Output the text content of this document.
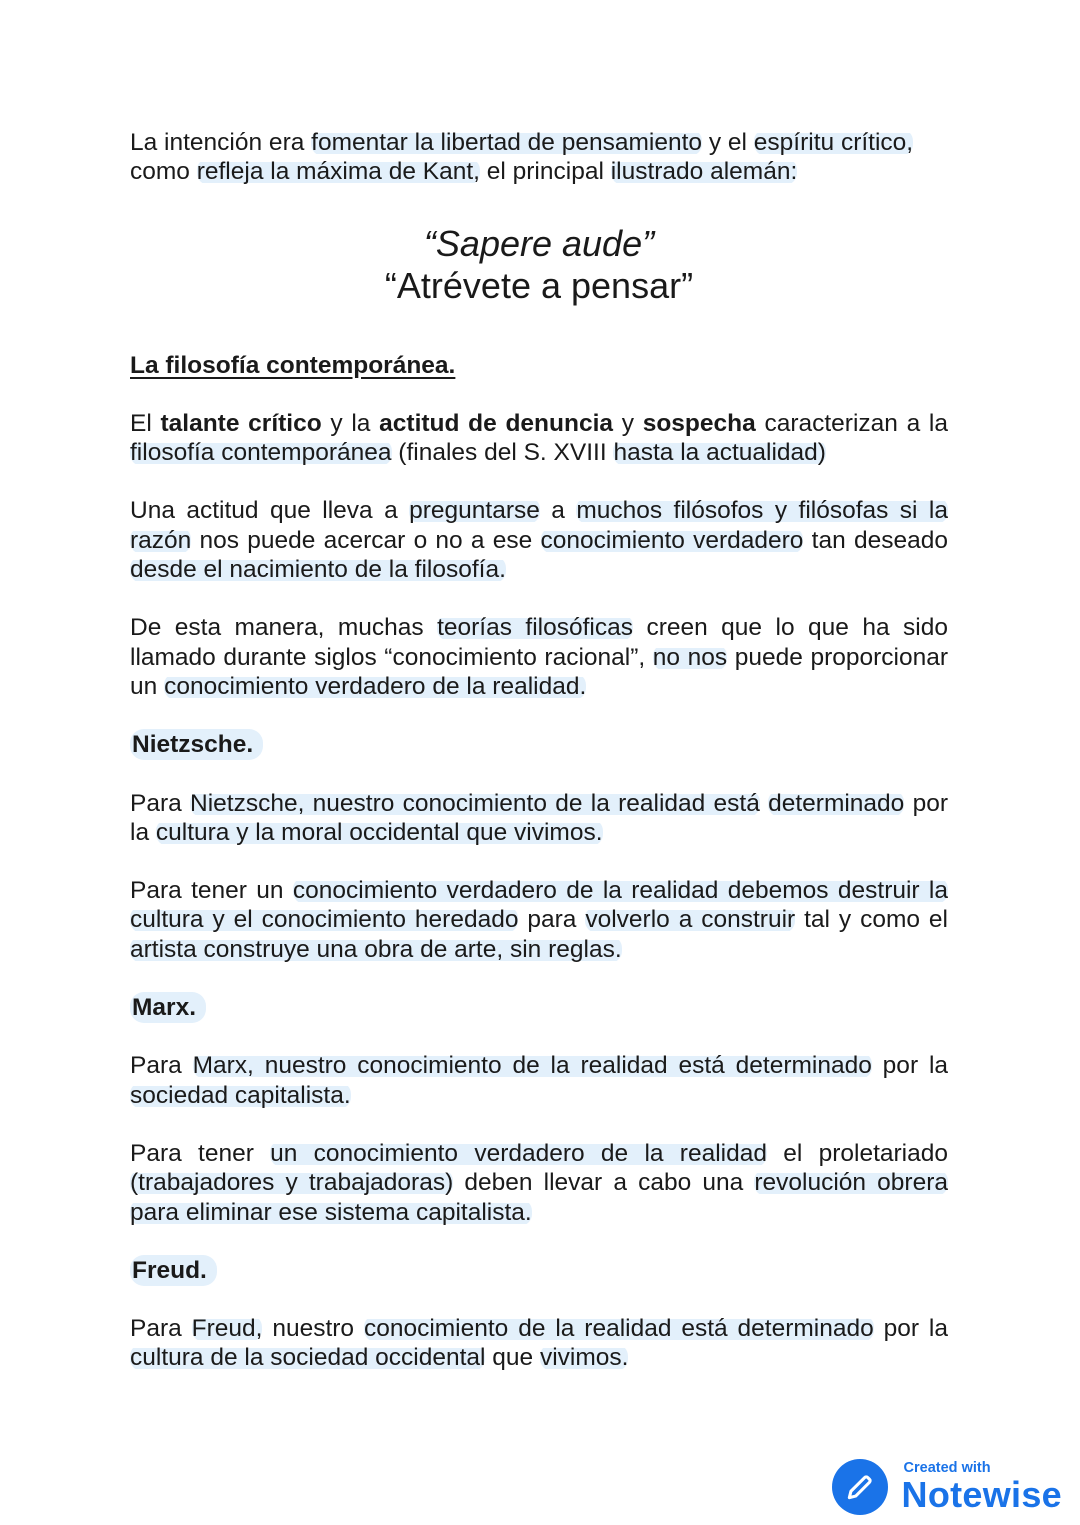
La intención era fomentar la libertad de pensamiento y el espíritu crítico, como refleja la máxima de Kant, el principal ilustrado alemán:

“Sapere aude”
“Atrévete a pensar”
La filosofía contemporánea.

El talante crítico y la actitud de denuncia y sospecha caracterizan a la filosofía contemporánea (finales del S. XVIII hasta la actualidad)

Una actitud que lleva a preguntarse a muchos filósofos y filósofas si la razón nos puede acercar o no a ese conocimiento verdadero tan deseado desde el nacimiento de la filosofía.

De esta manera, muchas teorías filosóficas creen que lo que ha sido llamado durante siglos “conocimiento racional”, no nos puede proporcionar un conocimiento verdadero de la realidad.

Nietzsche.

Para Nietzsche, nuestro conocimiento de la realidad está determinado por la cultura y la moral occidental que vivimos.

Para tener un conocimiento verdadero de la realidad debemos destruir la cultura y el conocimiento heredado para volverlo a construir tal y como el artista construye una obra de arte, sin reglas.

Marx.

Para Marx, nuestro conocimiento de la realidad está determinado por la sociedad capitalista.

Para tener un conocimiento verdadero de la realidad el proletariado (trabajadores y trabajadoras) deben llevar a cabo una revolución obrera para eliminar ese sistema capitalista.

Freud.

Para Freud, nuestro conocimiento de la realidad está determinado por la cultura de la sociedad occidental que vivimos.

Created with
Notewise
